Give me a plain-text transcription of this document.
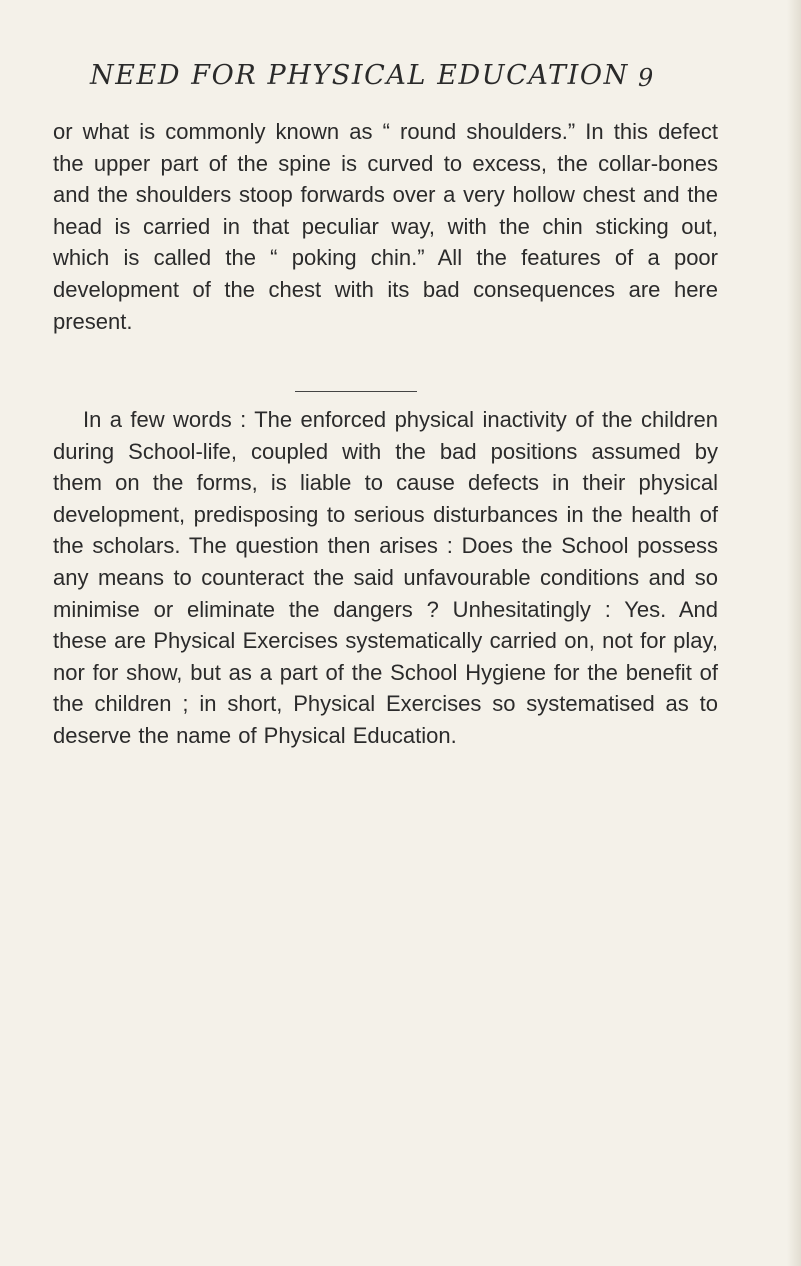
NEED FOR PHYSICAL EDUCATION 9

or what is commonly known as “ round shoulders.” In this defect the upper part of the spine is curved to excess, the collar-bones and the shoulders stoop forwards over a very hollow chest and the head is carried in that peculiar way, with the chin sticking out, which is called the “ poking chin.” All the features of a poor development of the chest with its bad consequences are here present.

In a few words : The enforced physical inactivity of the children during School-life, coupled with the bad positions assumed by them on the forms, is liable to cause defects in their physical development, predisposing to serious disturbances in the health of the scholars. The question then arises : Does the School possess any means to counteract the said unfavourable conditions and so minimise or eliminate the dangers ? Unhesitatingly : Yes. And these are Physical Exercises systematically carried on, not for play, nor for show, but as a part of the School Hygiene for the benefit of the children ; in short, Physical Exercises so systematised as to deserve the name of Physical Education.
